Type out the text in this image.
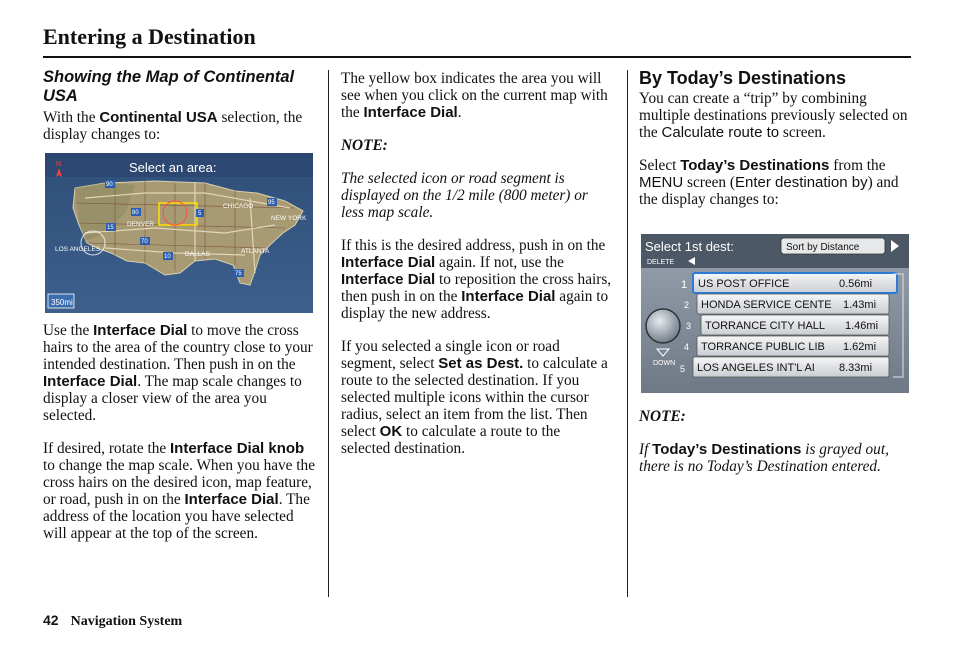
Entering a Destination
Showing the Map of Continental USA

With the Continental USA selection, the display changes to:

Select an area:
N
CHICAGO
NEW YORK
DENVER
LOS ANGELES
DALLAS	ATLANTA
90
80	5
15
10
75
95
70
350mi

Use the Interface Dial to move the cross hairs to the area of the country close to your intended destination. Then push in on the Interface Dial. The map scale changes to display a closer view of the area you selected.

If desired, rotate the Interface Dial knob to change the map scale. When you have the cross hairs on the desired icon, map feature, or road, push in on the Interface Dial. The address of the location you have selected will appear at the top of the screen.

The yellow box indicates the area you will see when you click on the current map with the Interface Dial.

NOTE:

The selected icon or road segment is displayed on the 1/2 mile (800 meter) or less map scale.

If this is the desired address, push in on the Interface Dial again. If not, use the Interface Dial to reposition the cross hairs, then push in on the Interface Dial again to display the new address.

If you selected a single icon or road segment, select Set as Dest. to calculate a route to the selected destination. If you selected multiple icons within the cursor radius, select an item from the list. Then select OK to calculate a route to the selected destination.

By Today’s Destinations

You can create a “trip” by combining multiple destinations previously selected on the Calculate route to screen.

Select Today’s Destinations from the MENU screen (Enter destination by) and the display changes to:

Select 1st dest:	Sort by Distance
DELETE
DOWN
1 US POST OFFICE	0.56mi
2 HONDA SERVICE CENTE 1.43mi
3 TORRANCE CITY HALL 1.46mi
4 TORRANCE PUBLIC LIB 1.62mi
5 LOS ANGELES INT'L AI 8.33mi

NOTE:

If Today’s Destinations is grayed out, there is no Today’s Destination entered.

42 Navigation System
